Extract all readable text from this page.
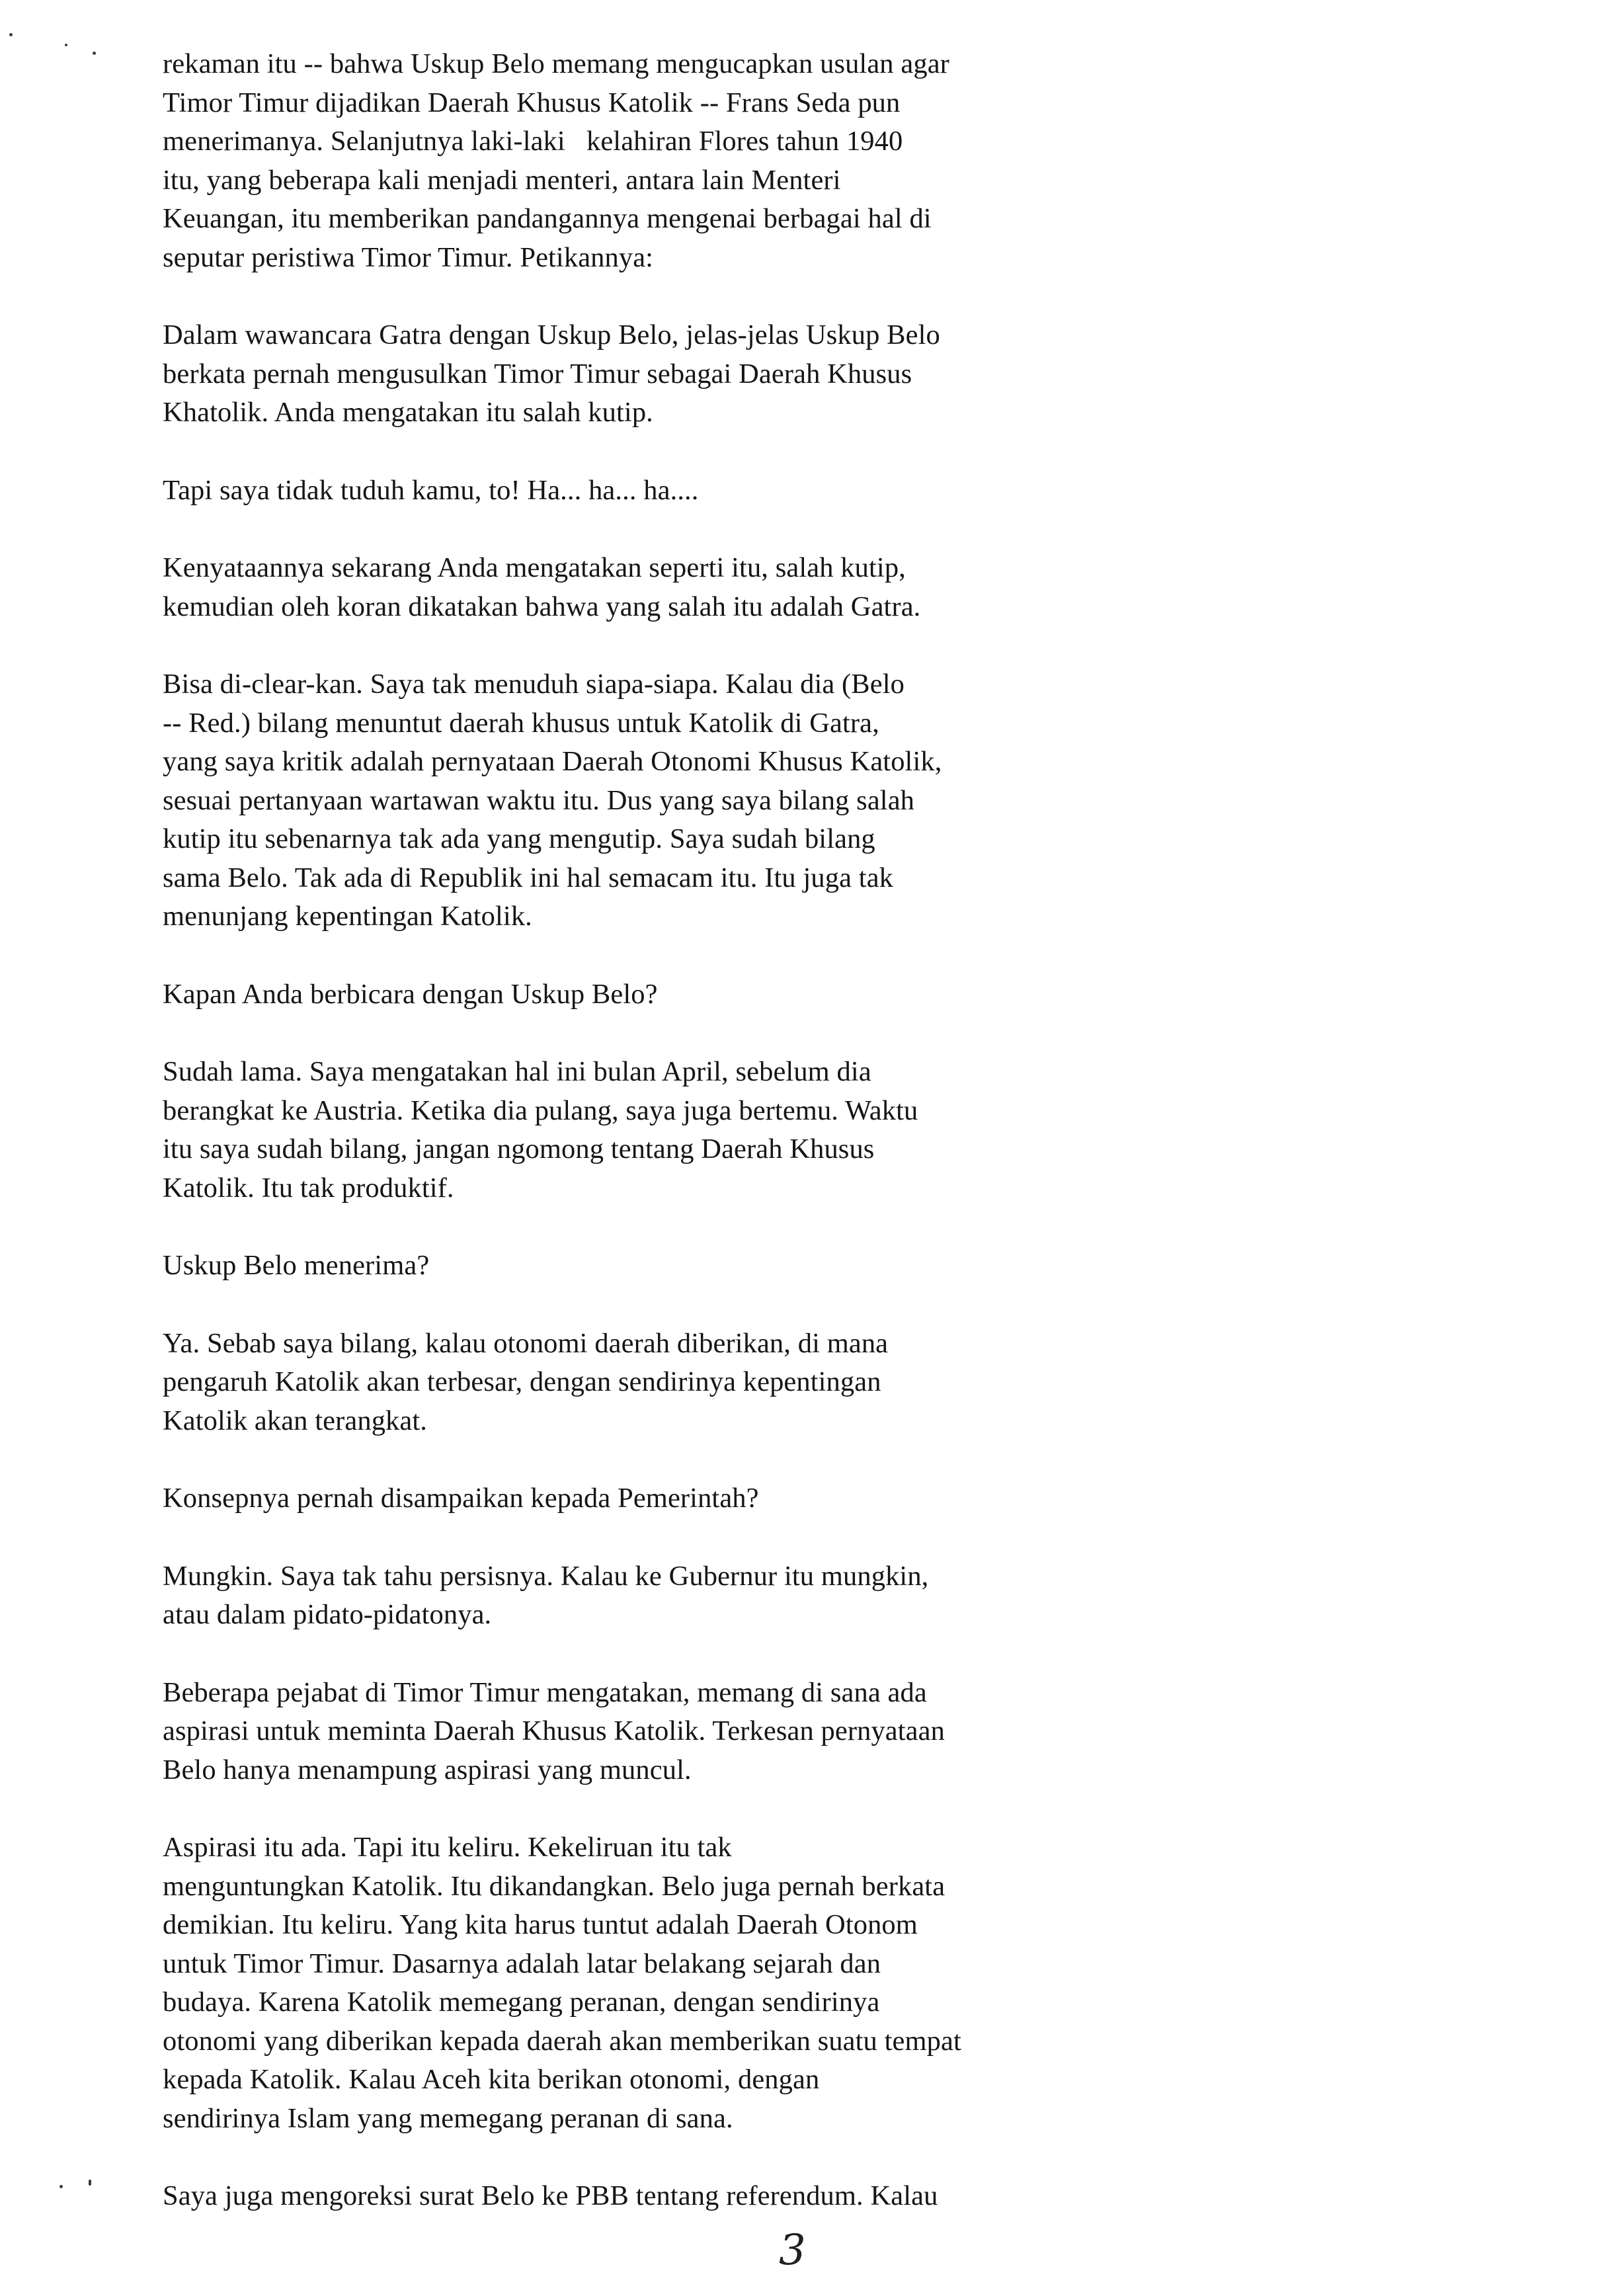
rekaman itu -- bahwa Uskup Belo memang mengucapkan usulan agar
Timor Timur dijadikan Daerah Khusus Katolik -- Frans Seda pun
menerimanya. Selanjutnya laki-laki   kelahiran Flores tahun 1940
itu, yang beberapa kali menjadi menteri, antara lain Menteri
Keuangan, itu memberikan pandangannya mengenai berbagai hal di
seputar peristiwa Timor Timur. Petikannya:

Dalam wawancara Gatra dengan Uskup Belo, jelas-jelas Uskup Belo
berkata pernah mengusulkan Timor Timur sebagai Daerah Khusus
Khatolik. Anda mengatakan itu salah kutip.

Tapi saya tidak tuduh kamu, to! Ha... ha... ha....

Kenyataannya sekarang Anda mengatakan seperti itu, salah kutip,
kemudian oleh koran dikatakan bahwa yang salah itu adalah Gatra.

Bisa di-clear-kan. Saya tak menuduh siapa-siapa. Kalau dia (Belo
-- Red.) bilang menuntut daerah khusus untuk Katolik di Gatra,
yang saya kritik adalah pernyataan Daerah Otonomi Khusus Katolik,
sesuai pertanyaan wartawan waktu itu. Dus yang saya bilang salah
kutip itu sebenarnya tak ada yang mengutip. Saya sudah bilang
sama Belo. Tak ada di Republik ini hal semacam itu. Itu juga tak
menunjang kepentingan Katolik.

Kapan Anda berbicara dengan Uskup Belo?

Sudah lama. Saya mengatakan hal ini bulan April, sebelum dia
berangkat ke Austria. Ketika dia pulang, saya juga bertemu. Waktu
itu saya sudah bilang, jangan ngomong tentang Daerah Khusus
Katolik. Itu tak produktif.

Uskup Belo menerima?

Ya. Sebab saya bilang, kalau otonomi daerah diberikan, di mana
pengaruh Katolik akan terbesar, dengan sendirinya kepentingan
Katolik akan terangkat.

Konsepnya pernah disampaikan kepada Pemerintah?

Mungkin. Saya tak tahu persisnya. Kalau ke Gubernur itu mungkin,
atau dalam pidato-pidatonya.

Beberapa pejabat di Timor Timur mengatakan, memang di sana ada
aspirasi untuk meminta Daerah Khusus Katolik. Terkesan pernyataan
Belo hanya menampung aspirasi yang muncul.

Aspirasi itu ada. Tapi itu keliru. Kekeliruan itu tak
menguntungkan Katolik. Itu dikandangkan. Belo juga pernah berkata
demikian. Itu keliru. Yang kita harus tuntut adalah Daerah Otonom
untuk Timor Timur. Dasarnya adalah latar belakang sejarah dan
budaya. Karena Katolik memegang peranan, dengan sendirinya
otonomi yang diberikan kepada daerah akan memberikan suatu tempat
kepada Katolik. Kalau Aceh kita berikan otonomi, dengan
sendirinya Islam yang memegang peranan di sana.

Saya juga mengoreksi surat Belo ke PBB tentang referendum. Kalau

3
